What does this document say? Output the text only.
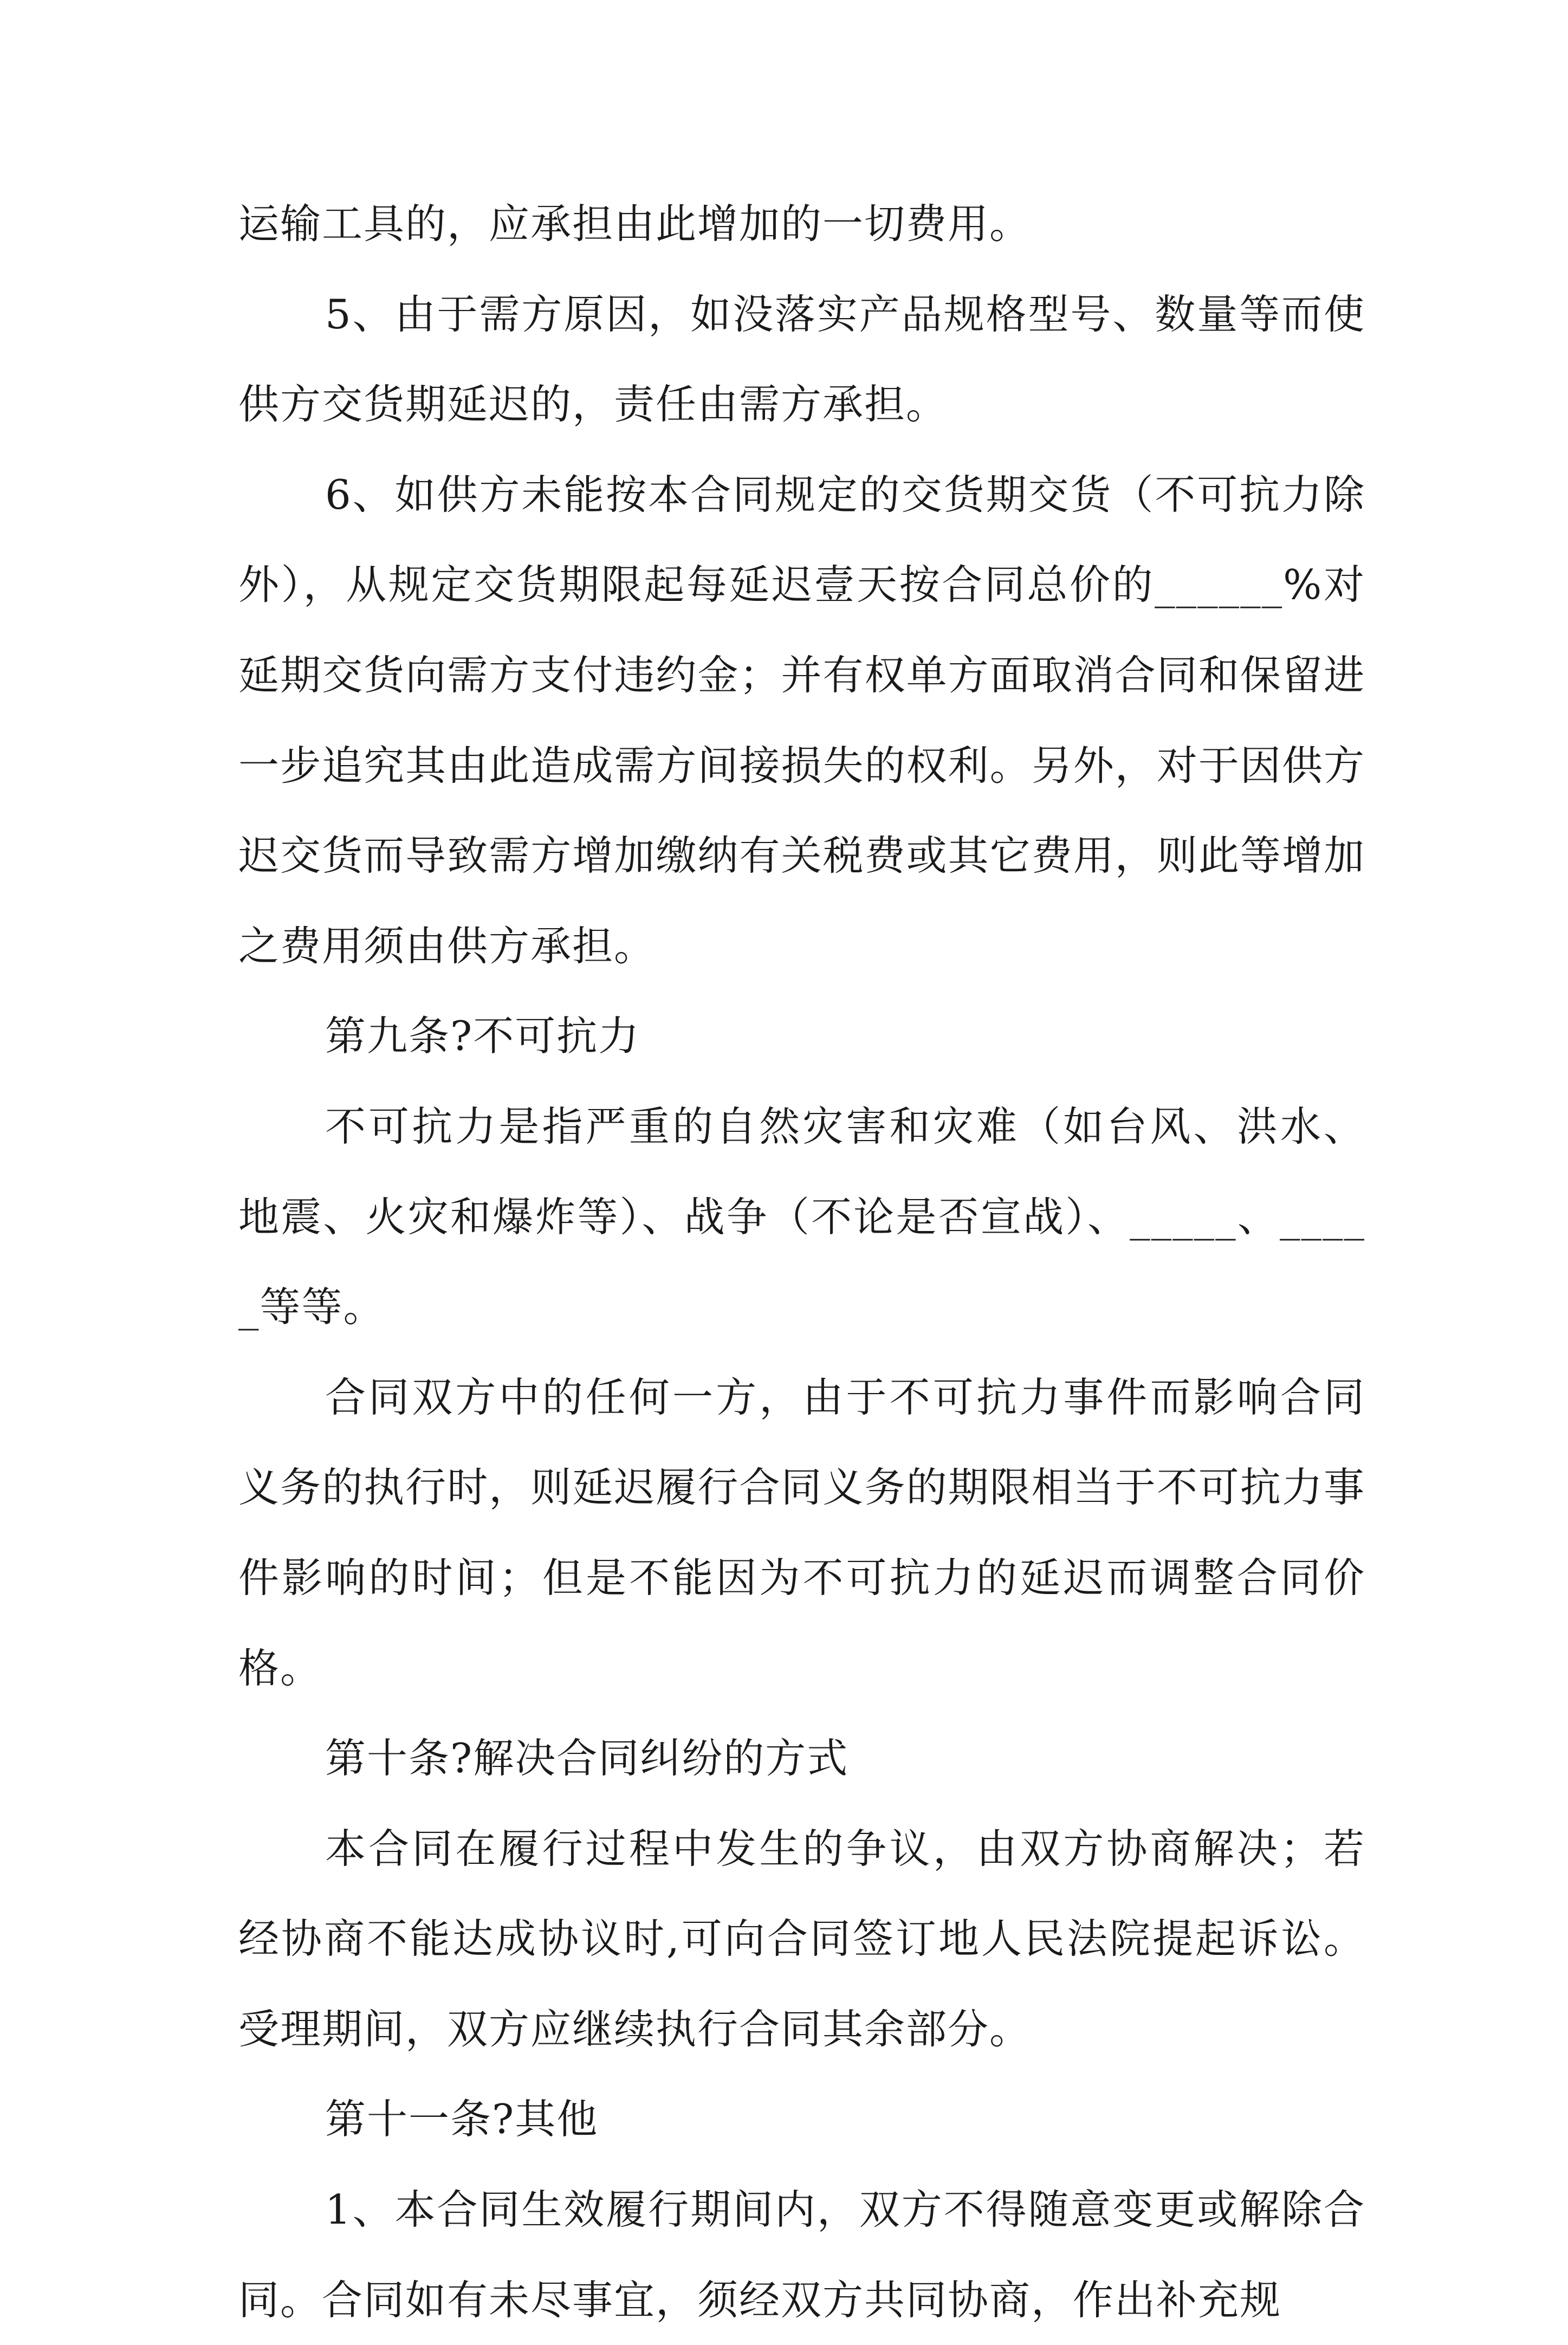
运输工具的，应承担由此增加的一切费用。

5、由于需方原因，如没落实产品规格型号、数量等而使供方交货期延迟的，责任由需方承担。

6、如供方未能按本合同规定的交货期交货（不可抗力除外），从规定交货期限起每延迟壹天按合同总价的______%对延期交货向需方支付违约金；并有权单方面取消合同和保留进一步追究其由此造成需方间接损失的权利。另外，对于因供方迟交货而导致需方增加缴纳有关税费或其它费用，则此等增加之费用须由供方承担。

第九条?不可抗力

不可抗力是指严重的自然灾害和灾难（如台风、洪水、地震、火灾和爆炸等）、战争（不论是否宣战）、_____、_____等等。

合同双方中的任何一方，由于不可抗力事件而影响合同义务的执行时，则延迟履行合同义务的期限相当于不可抗力事件影响的时间；但是不能因为不可抗力的延迟而调整合同价格。

第十条?解决合同纠纷的方式

本合同在履行过程中发生的争议，由双方协商解决；若经协商不能达成协议时,可向合同签订地人民法院提起诉讼。受理期间，双方应继续执行合同其余部分。

第十一条?其他

1、本合同生效履行期间内，双方不得随意变更或解除合同。合同如有未尽事宜，须经双方共同协商，作出补充规
